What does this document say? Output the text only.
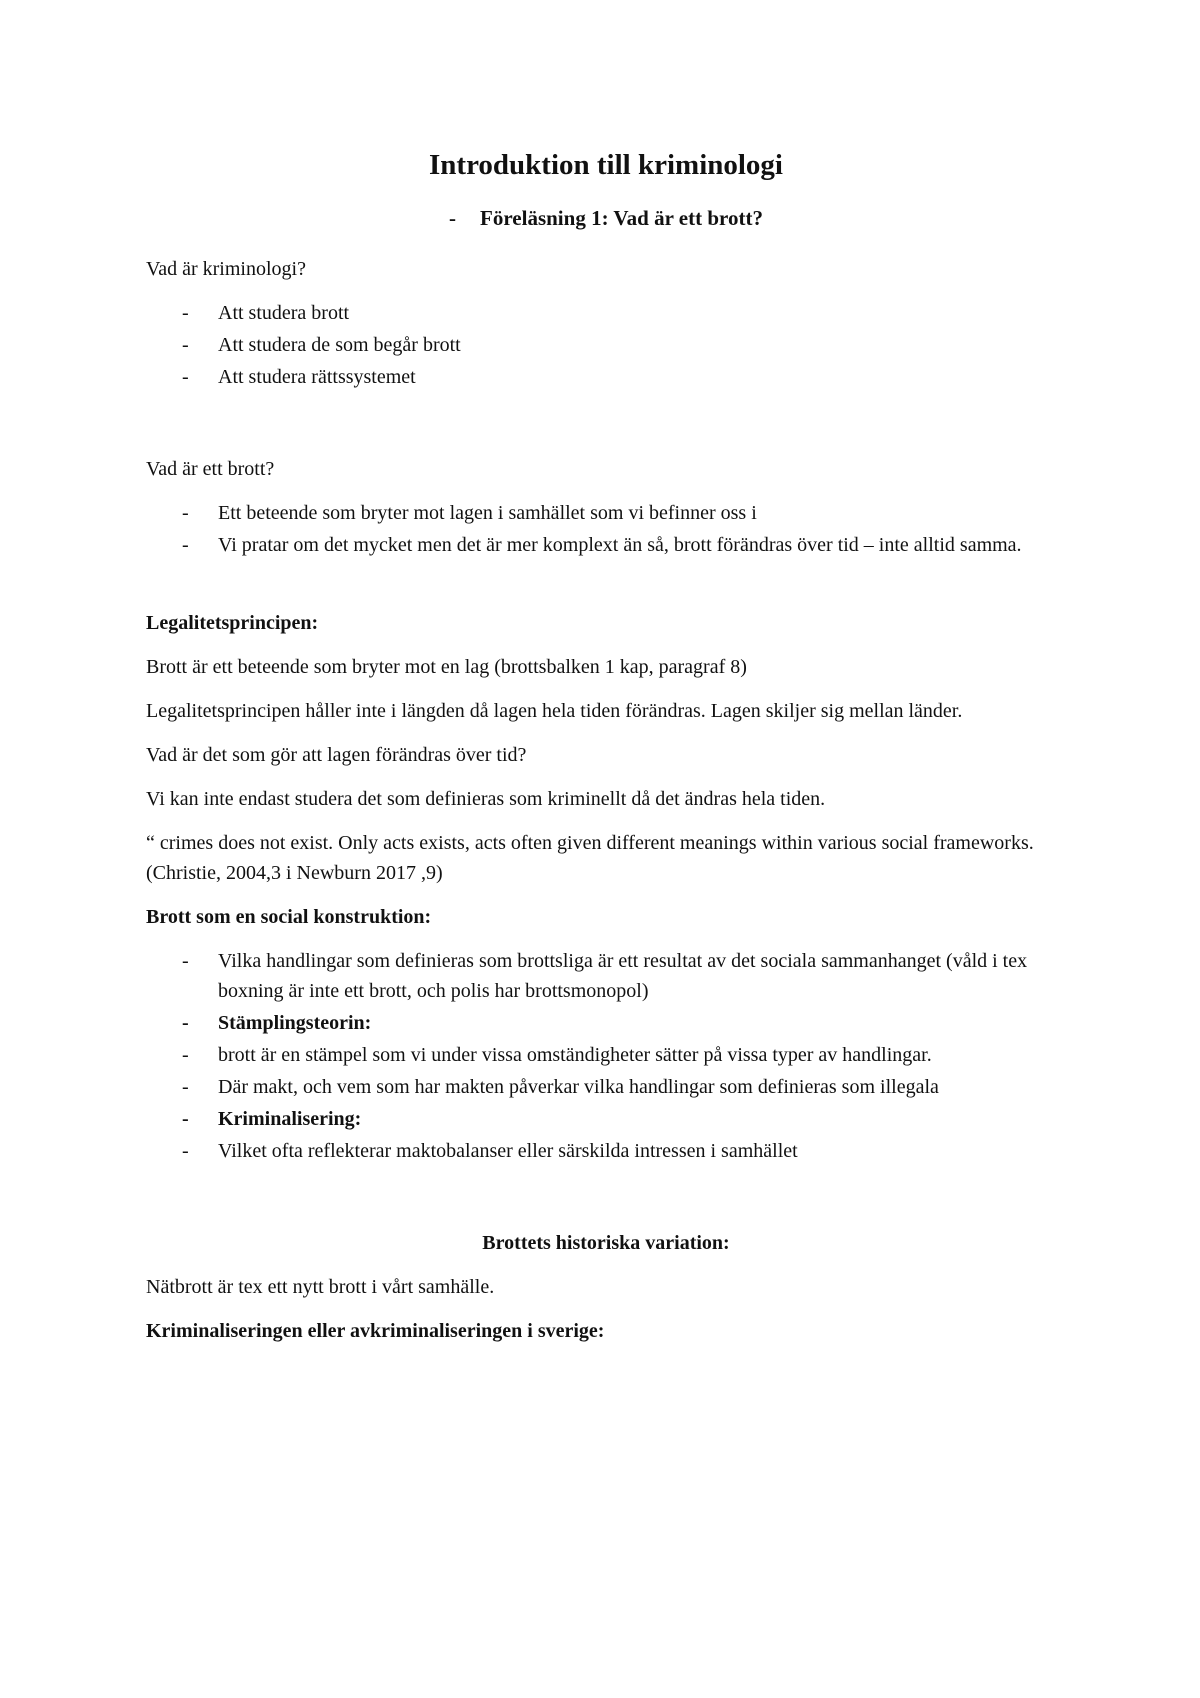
Introduktion till kriminologi
- Föreläsning 1: Vad är ett brott?

Vad är kriminologi?

- Att studera brott
- Att studera de som begår brott
- Att studera rättssystemet

Vad är ett brott?

- Ett beteende som bryter mot lagen i samhället som vi befinner oss i
- Vi pratar om det mycket men det är mer komplext än så, brott förändras över tid – inte alltid samma.

Legalitetsprincipen:

Brott är ett beteende som bryter mot en lag (brottsbalken 1 kap, paragraf 8)

Legalitetsprincipen håller inte i längden då lagen hela tiden förändras. Lagen skiljer sig mellan länder.

Vad är det som gör att lagen förändras över tid?

Vi kan inte endast studera det som definieras som kriminellt då det ändras hela tiden.

“ crimes does not exist. Only acts exists, acts often given different meanings within various social frameworks. (Christie, 2004,3 i Newburn 2017 ,9)

Brott som en social konstruktion:

- Vilka handlingar som definieras som brottsliga är ett resultat av det sociala sammanhanget (våld i tex boxning är inte ett brott, och polis har brottsmonopol)
- Stämplingsteorin:
- brott är en stämpel som vi under vissa omständigheter sätter på vissa typer av handlingar.
- Där makt, och vem som har makten påverkar vilka handlingar som definieras som illegala
- Kriminalisering:
- Vilket ofta reflekterar maktobalanser eller särskilda intressen i samhället

Brottets historiska variation:

Nätbrott är tex ett nytt brott i vårt samhälle.

Kriminaliseringen eller avkriminaliseringen i sverige:
